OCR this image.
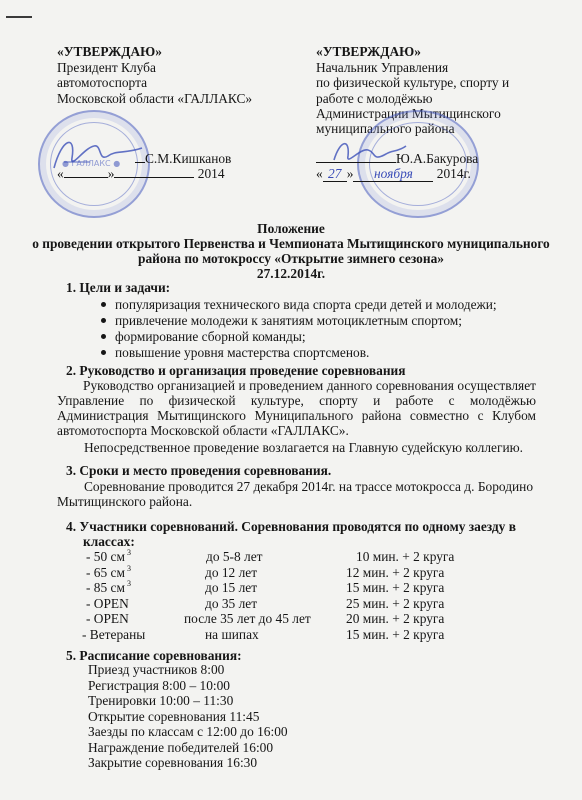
«УТВЕРЖДАЮ»
Президент Клуба
автомотоспорта
Московской области «ГАЛЛАКС»
● ГАЛЛАКС ●	С.М.Кишканов
«	»	2014
«УТВЕРЖДАЮ»
Начальник Управления
по физической культуре, спорту и
работе с молодёжью
Администрации Мытищинского
муниципального района
Ю.А.Бакурова
« 27 » ноября 2014г.
Положение
о проведении открытого Первенства и Чемпионата Мытищинского муниципального
района по мотокроссу «Открытие зимнего сезона»
27.12.2014г.
1. Цели и задачи:
популяризация технического вида спорта среди детей и молодежи;
привлечение молодежи к занятиям мотоциклетным спортом;
формирование сборной команды;
повышение уровня мастерства спортсменов.
2. Руководство и организация проведение соревнования
Руководство организацией и проведением данного соревнования осуществляет
Управление по физической культуре, спорту и работе с молодёжью
Администрация Мытищинского Муниципального района совместно с Клубом
автомотоспорта Московской области «ГАЛЛАКС».
Непосредственное проведение возлагается на Главную судейскую коллегию.
3. Сроки и место проведения соревнования.
Соревнование проводится 27 декабря 2014г. на трассе мотокросса д. Бородино
Мытищинского района.
4. Участники соревнований. Соревнования проводятся по одному заезду в
классах:
- 50 см $^3$	до 5-8 лет	10 мин. + 2 круга
- 65 см $^3$	до 12 лет	12 мин. + 2 круга
- 85 см $^3$	до 15 лет	15 мин. + 2 круга
- OPEN	до 35 лет	25 мин. + 2 круга
- OPEN	после 35 лет до 45 лет	20 мин. + 2 круга
- Ветераны	на шипах	15 мин. + 2 круга
5. Расписание соревнования:
Приезд участников 8:00
Регистрация 8:00 – 10:00
Тренировки 10:00 – 11:30
Открытие соревнования 11:45
Заезды по классам с 12:00 до 16:00
Награждение победителей 16:00
Закрытие соревнования 16:30
